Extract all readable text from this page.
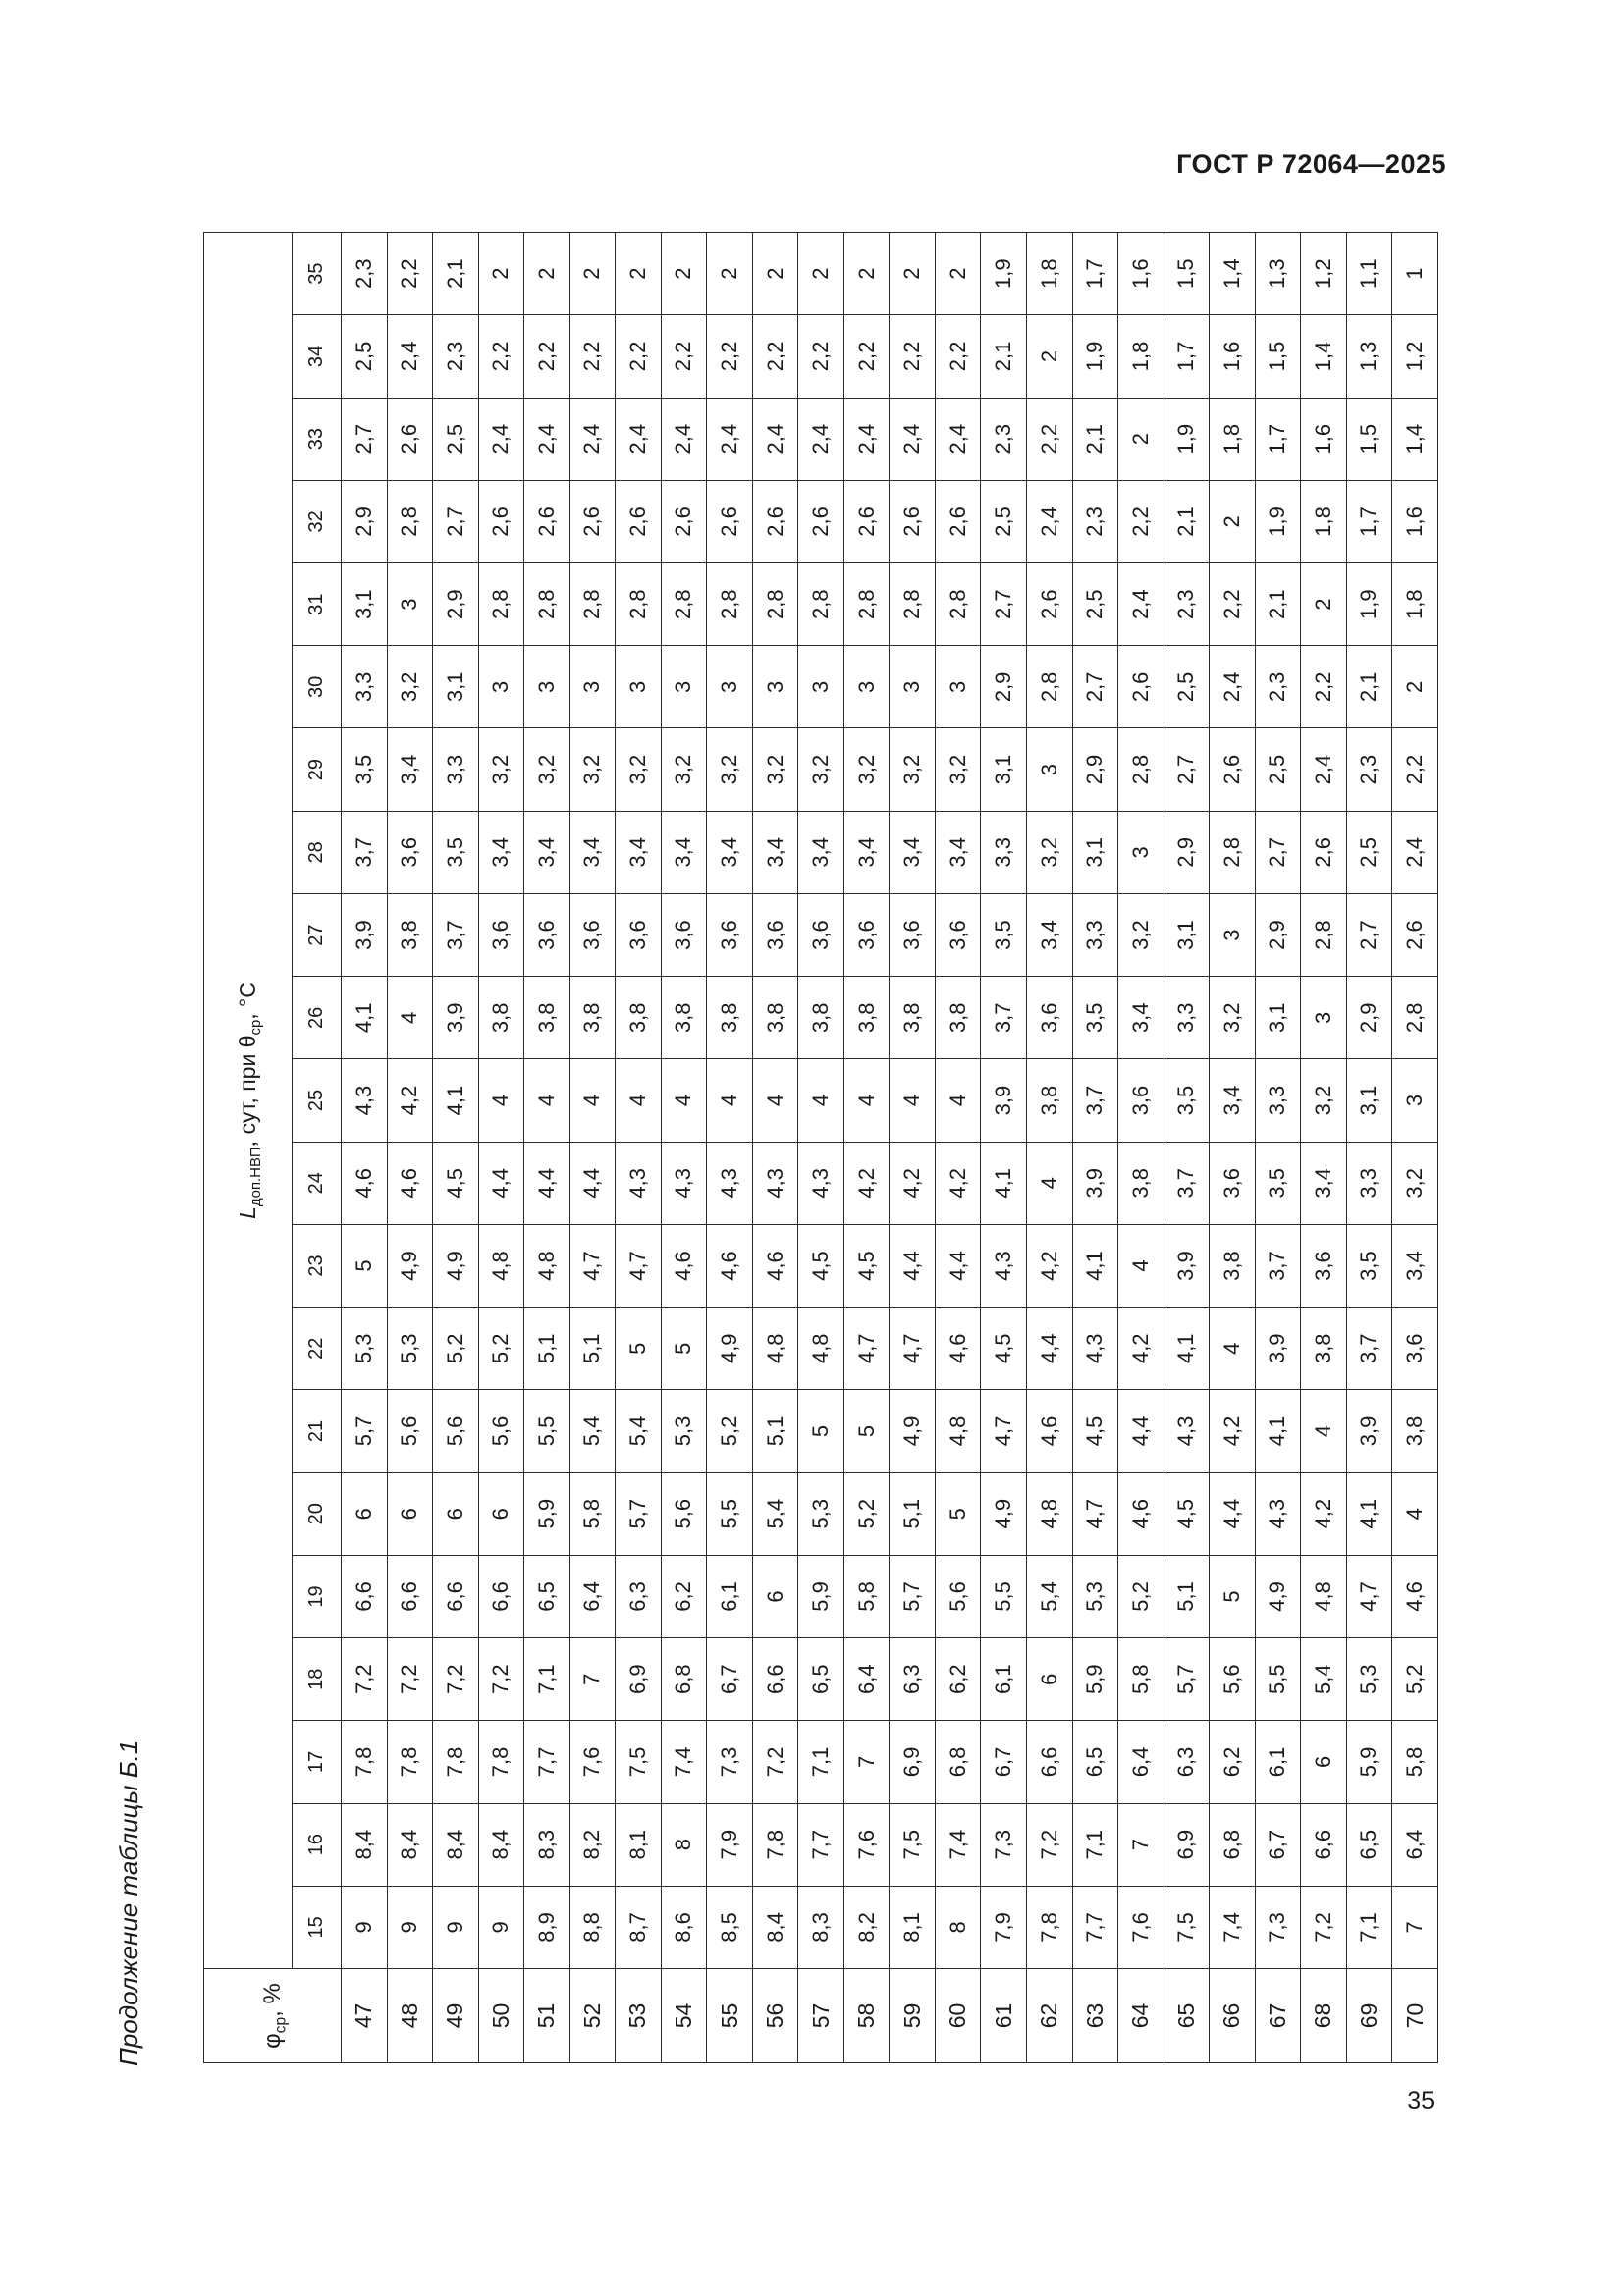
ГОСТ Р 72064—2025
Продолжение таблицы Б.1	$\varphi_{ср}$, %	$L_{доп.НВП}$, сут, при $\theta_{ср}$, °С																				
	15	16	17	18	19	20	21	22	23	24	25	26	27	28	29	30	31	32	33	34	35
47	9	8,4	7,8	7,2	6,6	6	5,7	5,3	5	4,6	4,3	4,1	3,9	3,7	3,5	3,3	3,1	2,9	2,7	2,5	2,3
48	9	8,4	7,8	7,2	6,6	6	5,6	5,3	4,9	4,6	4,2	4	3,8	3,6	3,4	3,2	3	2,8	2,6	2,4	2,2
49	9	8,4	7,8	7,2	6,6	6	5,6	5,2	4,9	4,5	4,1	3,9	3,7	3,5	3,3	3,1	2,9	2,7	2,5	2,3	2,1
50	9	8,4	7,8	7,2	6,6	6	5,6	5,2	4,8	4,4	4	3,8	3,6	3,4	3,2	3	2,8	2,6	2,4	2,2	2
51	8,9	8,3	7,7	7,1	6,5	5,9	5,5	5,1	4,8	4,4	4	3,8	3,6	3,4	3,2	3	2,8	2,6	2,4	2,2	2
52	8,8	8,2	7,6	7	6,4	5,8	5,4	5,1	4,7	4,4	4	3,8	3,6	3,4	3,2	3	2,8	2,6	2,4	2,2	2
53	8,7	8,1	7,5	6,9	6,3	5,7	5,4	5	4,7	4,3	4	3,8	3,6	3,4	3,2	3	2,8	2,6	2,4	2,2	2
54	8,6	8	7,4	6,8	6,2	5,6	5,3	5	4,6	4,3	4	3,8	3,6	3,4	3,2	3	2,8	2,6	2,4	2,2	2
55	8,5	7,9	7,3	6,7	6,1	5,5	5,2	4,9	4,6	4,3	4	3,8	3,6	3,4	3,2	3	2,8	2,6	2,4	2,2	2
56	8,4	7,8	7,2	6,6	6	5,4	5,1	4,8	4,6	4,3	4	3,8	3,6	3,4	3,2	3	2,8	2,6	2,4	2,2	2
57	8,3	7,7	7,1	6,5	5,9	5,3	5	4,8	4,5	4,3	4	3,8	3,6	3,4	3,2	3	2,8	2,6	2,4	2,2	2
58	8,2	7,6	7	6,4	5,8	5,2	5	4,7	4,5	4,2	4	3,8	3,6	3,4	3,2	3	2,8	2,6	2,4	2,2	2
59	8,1	7,5	6,9	6,3	5,7	5,1	4,9	4,7	4,4	4,2	4	3,8	3,6	3,4	3,2	3	2,8	2,6	2,4	2,2	2
60	8	7,4	6,8	6,2	5,6	5	4,8	4,6	4,4	4,2	4	3,8	3,6	3,4	3,2	3	2,8	2,6	2,4	2,2	2
61	7,9	7,3	6,7	6,1	5,5	4,9	4,7	4,5	4,3	4,1	3,9	3,7	3,5	3,3	3,1	2,9	2,7	2,5	2,3	2,1	1,9
62	7,8	7,2	6,6	6	5,4	4,8	4,6	4,4	4,2	4	3,8	3,6	3,4	3,2	3	2,8	2,6	2,4	2,2	2	1,8
63	7,7	7,1	6,5	5,9	5,3	4,7	4,5	4,3	4,1	3,9	3,7	3,5	3,3	3,1	2,9	2,7	2,5	2,3	2,1	1,9	1,7
64	7,6	7	6,4	5,8	5,2	4,6	4,4	4,2	4	3,8	3,6	3,4	3,2	3	2,8	2,6	2,4	2,2	2	1,8	1,6
65	7,5	6,9	6,3	5,7	5,1	4,5	4,3	4,1	3,9	3,7	3,5	3,3	3,1	2,9	2,7	2,5	2,3	2,1	1,9	1,7	1,5
66	7,4	6,8	6,2	5,6	5	4,4	4,2	4	3,8	3,6	3,4	3,2	3	2,8	2,6	2,4	2,2	2	1,8	1,6	1,4
67	7,3	6,7	6,1	5,5	4,9	4,3	4,1	3,9	3,7	3,5	3,3	3,1	2,9	2,7	2,5	2,3	2,1	1,9	1,7	1,5	1,3
68	7,2	6,6	6	5,4	4,8	4,2	4	3,8	3,6	3,4	3,2	3	2,8	2,6	2,4	2,2	2	1,8	1,6	1,4	1,2
69	7,1	6,5	5,9	5,3	4,7	4,1	3,9	3,7	3,5	3,3	3,1	2,9	2,7	2,5	2,3	2,1	1,9	1,7	1,5	1,3	1,1
70	7	6,4	5,8	5,2	4,6	4	3,8	3,6	3,4	3,2	3	2,8	2,6	2,4	2,2	2	1,8	1,6	1,4	1,2	1
35
